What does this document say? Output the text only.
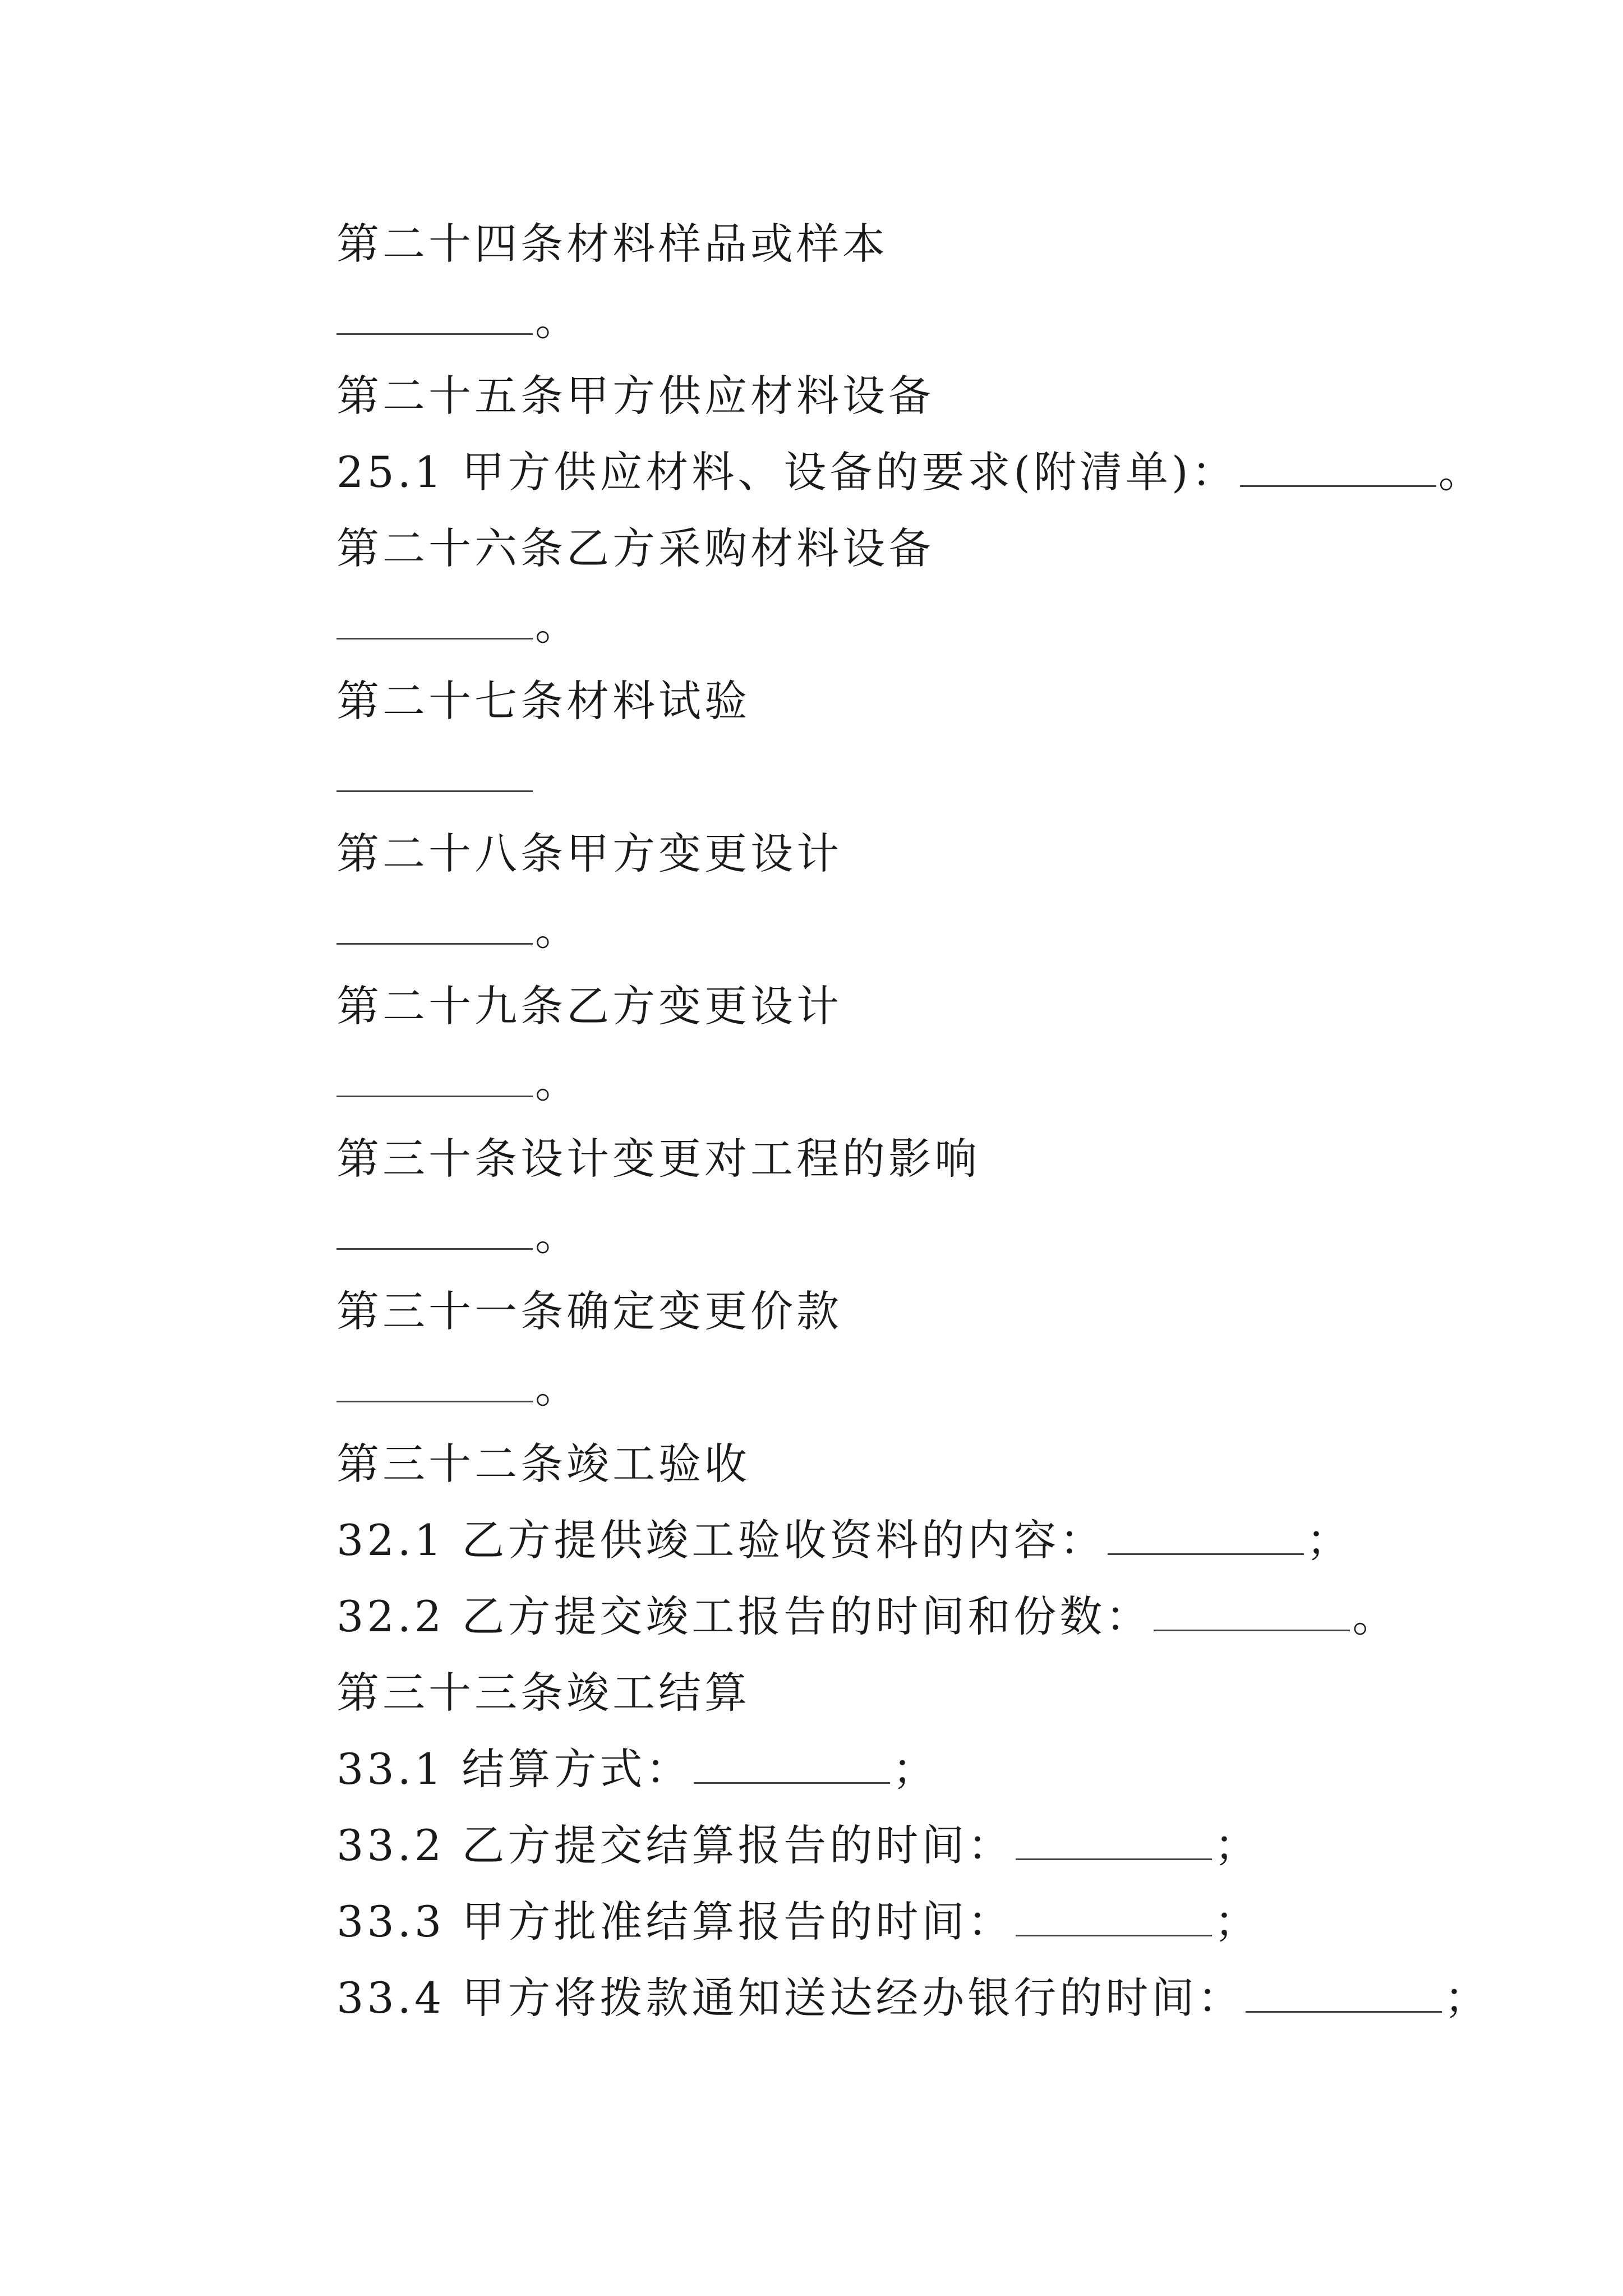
第二十四条材料样品或样本
。
第二十五条甲方供应材料设备
25.1 甲方供应材料、设备的要求(附清单)：	。
第二十六条乙方采购材料设备
。
第二十七条材料试验
第二十八条甲方变更设计
。
第二十九条乙方变更设计
。
第三十条设计变更对工程的影响
。
第三十一条确定变更价款
。
第三十二条竣工验收
32.1 乙方提供竣工验收资料的内容：	；
32.2 乙方提交竣工报告的时间和份数：	。
第三十三条竣工结算
33.1 结算方式：	；
33.2 乙方提交结算报告的时间：	；
33.3 甲方批准结算报告的时间：	；
33.4 甲方将拨款通知送达经办银行的时间：	；
